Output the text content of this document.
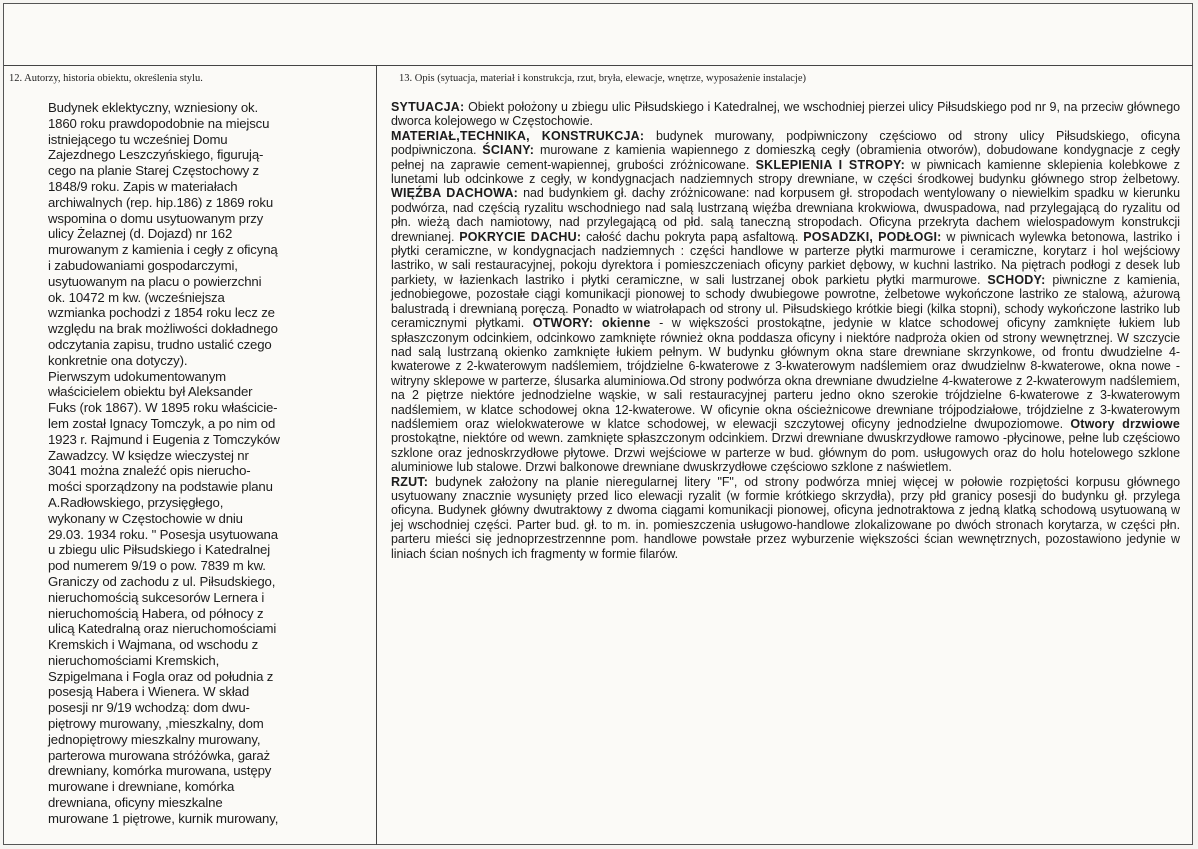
12. Autorzy, historia obiektu, określenia stylu.	13. Opis (sytuacja, materiał i konstrukcja, rzut, bryła, elewacje, wnętrze, wyposażenie instalacje)
Budynek eklektyczny, wzniesiony ok.
1860 roku prawdopodobnie na miejscu
istniejącego tu wcześniej Domu
Zajezdnego Leszczyńskiego, figurują-
cego na planie Starej Częstochowy z
1848/9 roku. Zapis w materiałach
archiwalnych (rep. hip.186) z 1869 roku
wspomina o domu usytuowanym przy
ulicy Żelaznej (d. Dojazd) nr 162
murowanym z kamienia i cegły z oficyną
i zabudowaniami gospodarczymi,
usytuowanym na placu o powierzchni
ok. 10472 m kw. (wcześniejsza
wzmianka pochodzi z 1854 roku lecz ze
względu na brak możliwości dokładnego
odczytania zapisu, trudno ustalić czego
konkretnie ona dotyczy).
Pierwszym udokumentowanym
właścicielem obiektu był Aleksander
Fuks (rok 1867). W 1895 roku właścicie-
lem został Ignacy Tomczyk, a po nim od
1923 r. Rajmund i Eugenia z Tomczyków
Zawadzcy. W księdze wieczystej nr
3041 można znaleźć opis nierucho-
mości sporządzony na podstawie planu
A.Radłowskiego, przysięgłego,
wykonany w Częstochowie w dniu
29.03. 1934 roku. " Posesja usytuowana
u zbiegu ulic Piłsudskiego i Katedralnej
pod numerem 9/19 o pow. 7839 m kw.
Graniczy od zachodu z ul. Piłsudskiego,
nieruchomością sukcesorów Lernera i
nieruchomością Habera, od północy z
ulicą Katedralną oraz nieruchomościami
Kremskich i Wajmana, od wschodu z
nieruchomościami Kremskich,
Szpigelmana i Fogla oraz od południa z
posesją Habera i Wienera. W skład
posesji nr 9/19 wchodzą: dom dwu-
piętrowy murowany, ,mieszkalny, dom
jednopiętrowy mieszkalny murowany,
parterowa murowana stróżówka, garaż
drewniany, komórka murowana, ustępy
murowane i drewniane, komórka
drewniana, oficyny mieszkalne
murowane 1 piętrowe, kurnik murowany,

SYTUACJA: Obiekt położony u zbiegu ulic Piłsudskiego i Katedralnej, we wschodniej pierzei ulicy Piłsudskiego pod nr 9, na przeciw głównego dworca kolejowego w Częstochowie.

MATERIAŁ,TECHNIKA, KONSTRUKCJA: budynek murowany, podpiwniczony częściowo od strony ulicy Piłsudskiego, oficyna podpiwniczona. ŚCIANY: murowane z kamienia wapiennego z domieszką cegły (obramienia otworów), dobudowane kondygnacje z cegły pełnej na zaprawie cement-wapiennej, grubości zróżnicowane. SKLEPIENIA I STROPY: w piwnicach kamienne sklepienia kolebkowe z lunetami lub odcinkowe z cegły, w kondygnacjach nadziemnych stropy drewniane, w części środkowej budynku głównego strop żelbetowy. WIĘŹBA DACHOWA: nad budynkiem gł. dachy zróżnicowane: nad korpusem gł. stropodach wentylowany o niewielkim spadku w kierunku podwórza, nad częścią ryzalitu wschodniego nad salą lustrzaną więźba drewniana krokwiowa, dwuspadowa, nad przylegającą do ryzalitu od płn. wieżą dach namiotowy, nad przylegającą od płd. salą taneczną stropodach. Oficyna przekryta dachem wielospadowym konstrukcji drewnianej. POKRYCIE DACHU: całość dachu pokryta papą asfaltową. POSADZKI, PODŁOGI: w piwnicach wylewka betonowa, lastriko i płytki ceramiczne, w kondygnacjach nadziemnych : części handlowe w parterze płytki marmurowe i ceramiczne, korytarz i hol wejściowy lastriko, w sali restauracyjnej, pokoju dyrektora i pomieszczeniach oficyny parkiet dębowy, w kuchni lastriko. Na piętrach podłogi z desek lub parkiety, w łazienkach lastriko i płytki ceramiczne, w sali lustrzanej obok parkietu płytki marmurowe. SCHODY: piwniczne z kamienia, jednobiegowe, pozostałe ciągi komunikacji pionowej to schody dwubiegowe powrotne, żelbetowe wykończone lastriko ze stalową, ażurową balustradą i drewnianą poręczą. Ponadto w wiatrołapach od strony ul. Piłsudskiego krótkie biegi (kilka stopni), schody wykończone lastriko lub ceramicznymi płytkami. OTWORY: okienne - w większości prostokątne, jedynie w klatce schodowej oficyny zamknięte łukiem lub spłaszczonym odcinkiem, odcinkowo zamknięte również okna poddasza oficyny i niektóre nadproża okien od strony wewnętrznej. W szczycie nad salą lustrzaną okienko zamknięte łukiem pełnym. W budynku głównym okna stare drewniane skrzynkowe, od frontu dwudzielne 4-kwaterowe z 2-kwaterowym nadślemiem, trójdzielne 6-kwaterowe z 3-kwaterowym nadślemiem oraz dwudzielnw 8-kwaterowe, okna nowe - witryny sklepowe w parterze, ślusarka aluminiowa.Od strony podwórza okna drewniane dwudzielne 4-kwaterowe z 2-kwaterowym nadślemiem, na 2 piętrze niektóre jednodzielne wąskie, w sali restauracyjnej parteru jedno okno szerokie trójdzielne 6-kwaterowe z 3-kwaterowym nadślemiem, w klatce schodowej okna 12-kwaterowe. W oficynie okna ościeżnicowe drewniane trójpodziałowe, trójdzielne z 3-kwaterowym nadślemiem oraz wielokwaterowe w klatce schodowej, w elewacji szczytowej oficyny jednodzielne dwupoziomowe. Otwory drzwiowe prostokątne, niektóre od wewn. zamknięte spłaszczonym odcinkiem. Drzwi drewniane dwuskrzydłowe ramowo -płycinowe, pełne lub częściowo szklone oraz jednoskrzydłowe płytowe. Drzwi wejściowe w parterze w bud. głównym do pom. usługowych oraz do holu hotelowego szklone aluminiowe lub stalowe. Drzwi balkonowe drewniane dwuskrzydłowe częściowo szklone z naświetlem.

RZUT: budynek założony na planie nieregularnej litery "F", od strony podwórza mniej więcej w połowie rozpiętości korpusu głównego usytuowany znacznie wysunięty przed lico elewacji ryzalit (w formie krótkiego skrzydła), przy płd granicy posesji do budynku gł. przylega oficyna. Budynek główny dwutraktowy z dwoma ciągami komunikacji pionowej, oficyna jednotraktowa z jedną klatką schodową usytuowaną w jej wschodniej części. Parter bud. gł. to m. in. pomieszczenia usługowo-handlowe zlokalizowane po dwóch stronach korytarza, w części płn. parteru mieści się jednoprzestrzennne pom. handlowe powstałe przez wyburzenie większości ścian wewnętrznych, pozostawiono jedynie w liniach ścian nośnych ich fragmenty w formie filarów.
